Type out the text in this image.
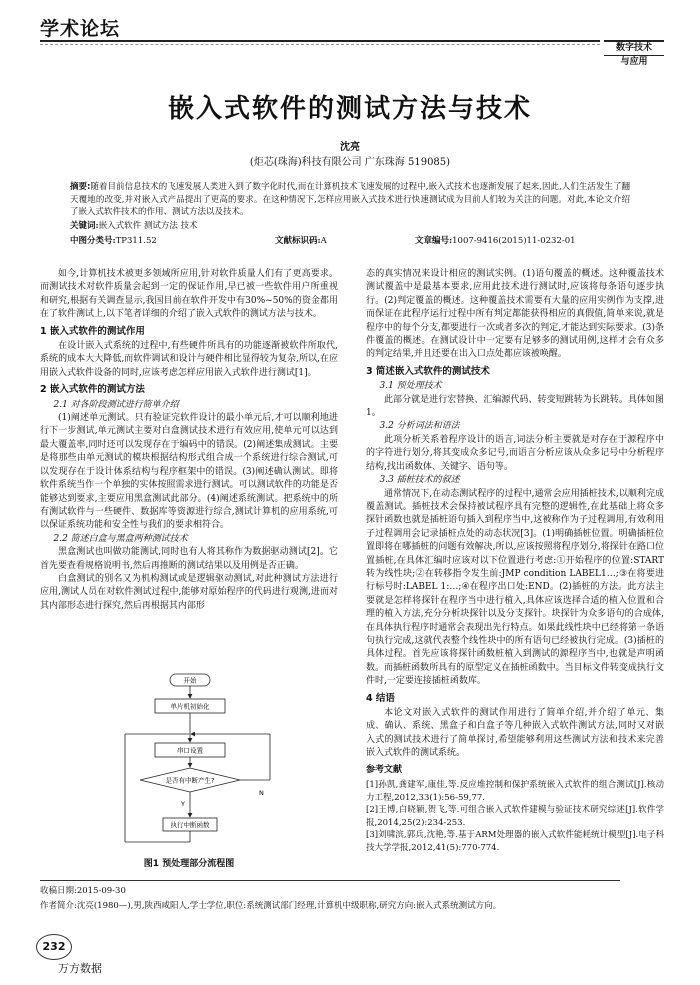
学术论坛
数字技术
与应用
嵌入式软件的测试方法与技术
沈亮
(炬芯(珠海)科技有限公司 广东珠海 519085)
摘要:随着目前信息技术的飞速发展人类进入到了数字化时代,而在计算机技术飞速发展的过程中,嵌入式技术也逐渐发展了起来,因此,人们生活发生了翻天覆地的改变,并对嵌入式产品提出了更高的要求。在这种情况下,怎样应用嵌入式技术进行快速测试成为目前人们较为关注的问题。对此,本论文介绍了嵌入式软件技术的作用、测试方法以及技术。
关键词:嵌入式软件 测试方法 技术
中图分类号:TP311.52	文献标识码:A	文章编号:1007-9416(2015)11-0232-01

如今,计算机技术被更多领域所应用,针对软件质量人们有了更高要求。而测试技术对软件质量会起到一定的保证作用,早已被一些软件用户所重视和研究,根据有关调查显示,我国目前在软件开发中有30%~50%的资金都用在了软件测试上,以下笔者详细的介绍了嵌入式软件的测试方法与技术。

1 嵌入式软件的测试作用

在设计嵌入式系统的过程中,有些硬件所具有的功能逐渐被软件所取代,系统的成本大大降低,而软件调试和设计与硬件相比显得较为复杂,所以,在应用嵌入式软件设备的同时,应该考虑怎样应用嵌入式软件进行测试[1]。

2 嵌入式软件的测试方法
2.1 对各阶段测试进行简单介绍

(1)阐述单元测试。只有验证完软件设计的最小单元后,才可以顺利地进行下一步测试,单元测试主要对白盒测试技术进行有效应用,使单元可以达到最大覆盖率,同时还可以发现存在于编码中的错误。(2)阐述集成测试。主要是将那些由单元测试的模块根据结构形式组合成一个系统进行综合测试,可以发现存在于设计体系结构与程序框架中的错误。(3)阐述确认测试。即将软件系统当作一个单独的实体按照需求进行测试。可以测试软件的功能是否能够达到要求,主要应用黑盒测试此部分。(4)阐述系统测试。把系统中的所有测试软件与一些硬件、数据库等资源进行综合,测试计算机的应用系统,可以保证系统功能和安全性与我们的要求相符合。

2.2 简述白盒与黑盒两种测试技术

黑盒测试也叫做功能测试,同时也有人将其称作为数据驱动测试[2]。它首先要查看规格说明书,然后再推断的测试结果以及用例是否正确。

白盒测试的别名又为机构测试或是逻辑驱动测试,对此种测试方法进行应用,测试人员在对软件测试过程中,能够对原始程序的代码进行观测,进而对其内部形态进行探究,然后再根据其内部形

开始
单片机初始化
串口设置
是否有中断产生?
N
Y
执行中断函数
图1 预处理部分流程图

态的真实情况来设计相应的测试实例。(1)语句覆盖的概述。这种覆盖技术测试覆盖中是最基本要求,应用此技术进行测试时,应该将每条语句逐步执行。(2)判定覆盖的概述。这种覆盖技术需要有大量的应用实例作为支撑,进而保证在此程序运行过程中所有判定都能获得相应的真假值,简单来说,就是程序中的每个分支,都要进行一次或者多次的判定,才能达到实际要求。(3)条件覆盖的概述。在测试设计中一定要有足够多的测试用例,这样才会有众多的判定结果,并且还要在出入口点处都应该被唤醒。

3 简述嵌入式软件的测试技术
3.1 预处理技术

此部分就是进行宏替换、汇编源代码、转变短跳转为长跳转。具体如图1。

3.2 分析词法和语法

此项分析关系着程序设计的语言,词法分析主要就是对存在于源程序中的字符进行划分,将其变成众多记号,而语言分析应该从众多记号中分析程序结构,找出函数体、关键字、语句等。

3.3 插桩技术的叙述

通常情况下,在动态测试程序的过程中,通常会应用插桩技术,以顺利完成覆盖测试。插桩技术会保持被试程序具有完整的逻辑性,在此基础上将众多探针函数也就是插桩语句插入到程序当中,这被称作为子过程调用,有效利用子过程调用会记录插桩点处的动态状况[3]。(1)明确插桩位置。明确插桩位置即将在哪插桩的问题有效解决,所以,应该按照将程序划分,将探针在路口位置插桩,在具体汇编时应该对以下位置进行考虑:①开始程序的位置:START转为线性块;②在转移指令发生前:JMP condition LABEL1…;③在将要进行标号时:LABEL 1:…;④在程序出口处:END。(2)插桩的方法。此方法主要就是怎样将探针在程序当中进行植入,具体应该选择合适的植入位置和合理的植入方法,充分分析块探针以及分支探针。块探针为众多语句的合成体,在具体执行程序时通常会表现出先行特点。如果此线性块中已经将第一条语句执行完成,这就代表整个线性块中的所有语句已经被执行完成。(3)插桩的具体过程。首先应该将探针函数桩植入到测试的源程序当中,也就是声明函数。而插桩函数所具有的原型定义在插桩函数中。当目标文件转变成执行文件时,一定要连接插桩函数库。

4 结语

本论文对嵌入式软件的测试作用进行了简单介绍,并介绍了单元、集成、确认、系统、黑盒子和白盒子等几种嵌入式软件测试方法,同时又对嵌入式的测试技术进行了简单探讨,希望能够利用这些测试方法和技术来完善嵌入式软件的测试系统。

参考文献

[1]孙凯,龚建军,康佳,等.反应堆控制和保护系统嵌入式软件的组合测试[J].核动力工程,2012,33(1):56-59,77.

[2]王博,白晓颖,贺飞,等.可组合嵌入式软件建模与验证技术研究综述[J].软件学报,2014,25(2):234-253.

[3]刘啸滨,郭兵,沈艳,等.基于ARM处理器的嵌入式软件能耗统计模型[J].电子科技大学学报,2012,41(5):770-774.

收稿日期:2015-09-30
作者简介:沈亮(1980—),男,陕西咸阳人,学士学位,职位:系统测试部门经理,计算机中级职称,研究方向:嵌入式系统测试方向。
232
万方数据
